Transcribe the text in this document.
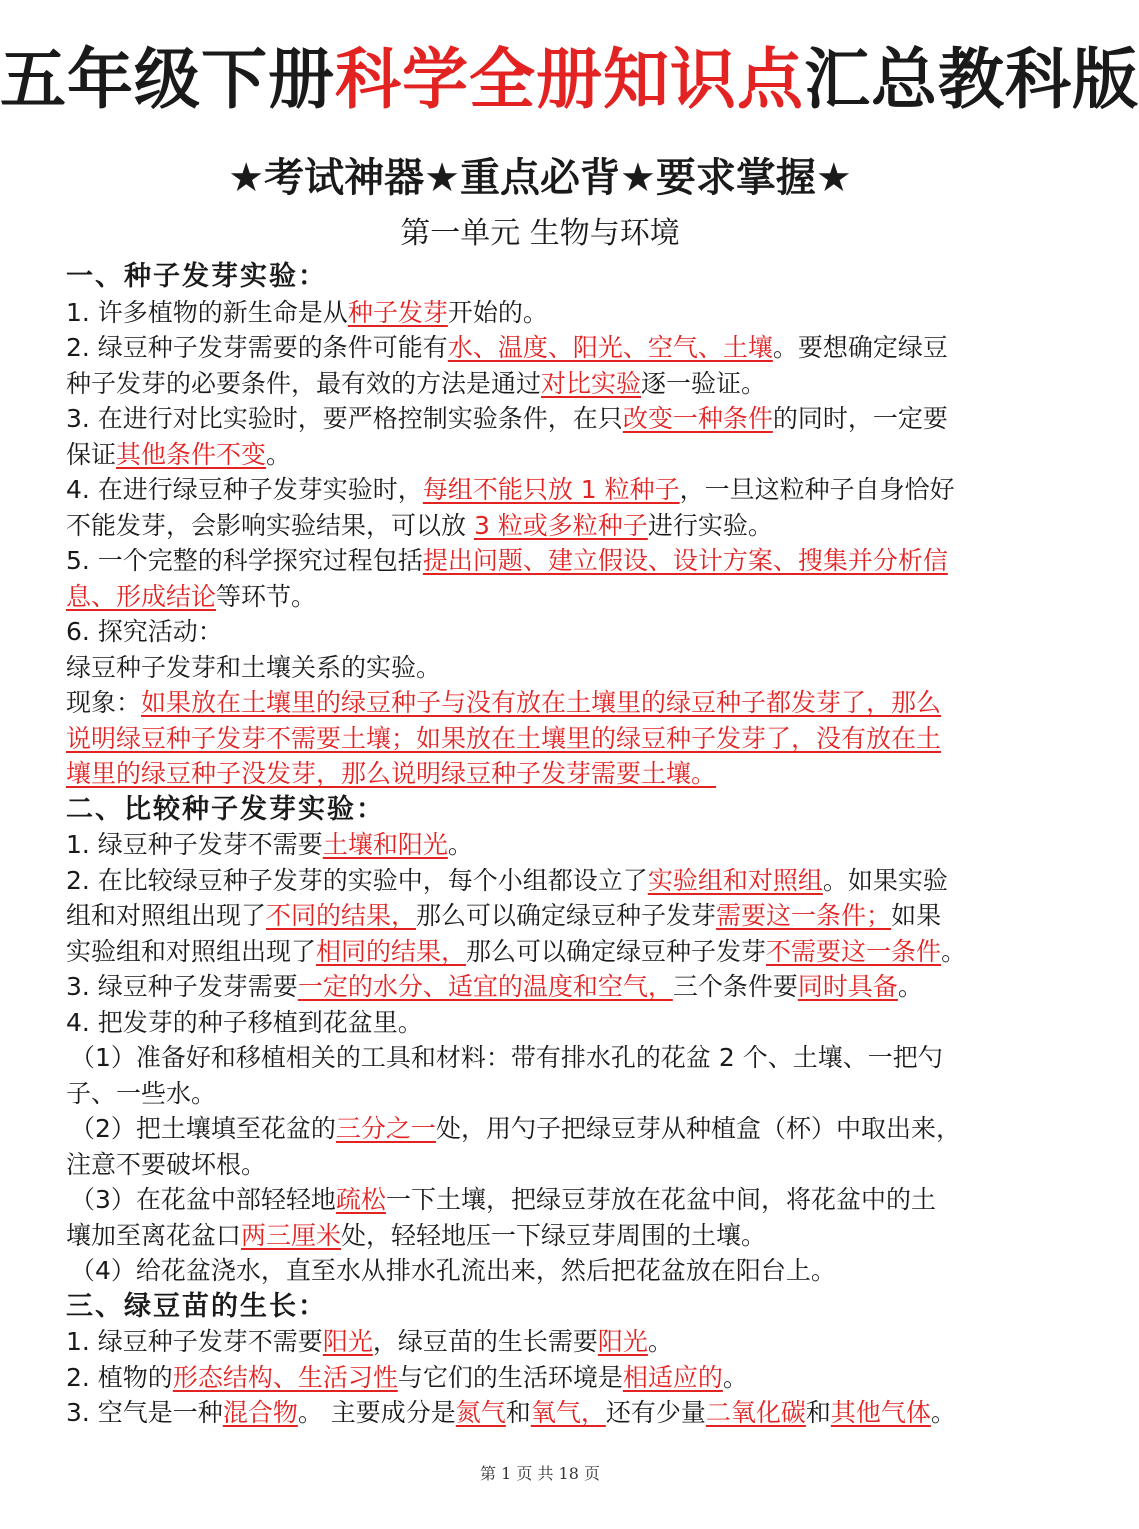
五年级下册科学全册知识点汇总教科版
★考试神器★重点必背★要求掌握★
第一单元 生物与环境
一、种子发芽实验：
1. 许多植物的新生命是从种子发芽开始的。
2. 绿豆种子发芽需要的条件可能有水、温度、阳光、空气、土壤。要想确定绿豆
种子发芽的必要条件，最有效的方法是通过对比实验逐一验证。
3. 在进行对比实验时，要严格控制实验条件，在只改变一种条件的同时，一定要
保证其他条件不变。
4. 在进行绿豆种子发芽实验时，每组不能只放 1 粒种子，一旦这粒种子自身恰好
不能发芽，会影响实验结果，可以放 3 粒或多粒种子进行实验。
5. 一个完整的科学探究过程包括提出问题、建立假设、设计方案、搜集并分析信
息、形成结论等环节。
6. 探究活动：
绿豆种子发芽和土壤关系的实验。
现象：如果放在土壤里的绿豆种子与没有放在土壤里的绿豆种子都发芽了，那么
说明绿豆种子发芽不需要土壤；如果放在土壤里的绿豆种子发芽了，没有放在土
壤里的绿豆种子没发芽，那么说明绿豆种子发芽需要土壤。
二、比较种子发芽实验：
1. 绿豆种子发芽不需要土壤和阳光。
2. 在比较绿豆种子发芽的实验中，每个小组都设立了实验组和对照组。如果实验
组和对照组出现了不同的结果，那么可以确定绿豆种子发芽需要这一条件；如果
实验组和对照组出现了相同的结果，那么可以确定绿豆种子发芽不需要这一条件。
3. 绿豆种子发芽需要一定的水分、适宜的温度和空气，三个条件要同时具备。
4. 把发芽的种子移植到花盆里。
（1）准备好和移植相关的工具和材料：带有排水孔的花盆 2 个、土壤、一把勺
子、一些水。
（2）把土壤填至花盆的三分之一处，用勺子把绿豆芽从种植盒（杯）中取出来，
注意不要破坏根。
（3）在花盆中部轻轻地疏松一下土壤，把绿豆芽放在花盆中间，将花盆中的土
壤加至离花盆口两三厘米处，轻轻地压一下绿豆芽周围的土壤。
（4）给花盆浇水，直至水从排水孔流出来，然后把花盆放在阳台上。
三、绿豆苗的生长：
1. 绿豆种子发芽不需要阳光，绿豆苗的生长需要阳光。
2. 植物的形态结构、生活习性与它们的生活环境是相适应的。
3. 空气是一种混合物。 主要成分是氮气和氧气，还有少量二氧化碳和其他气体。
第 1 页 共 18 页
